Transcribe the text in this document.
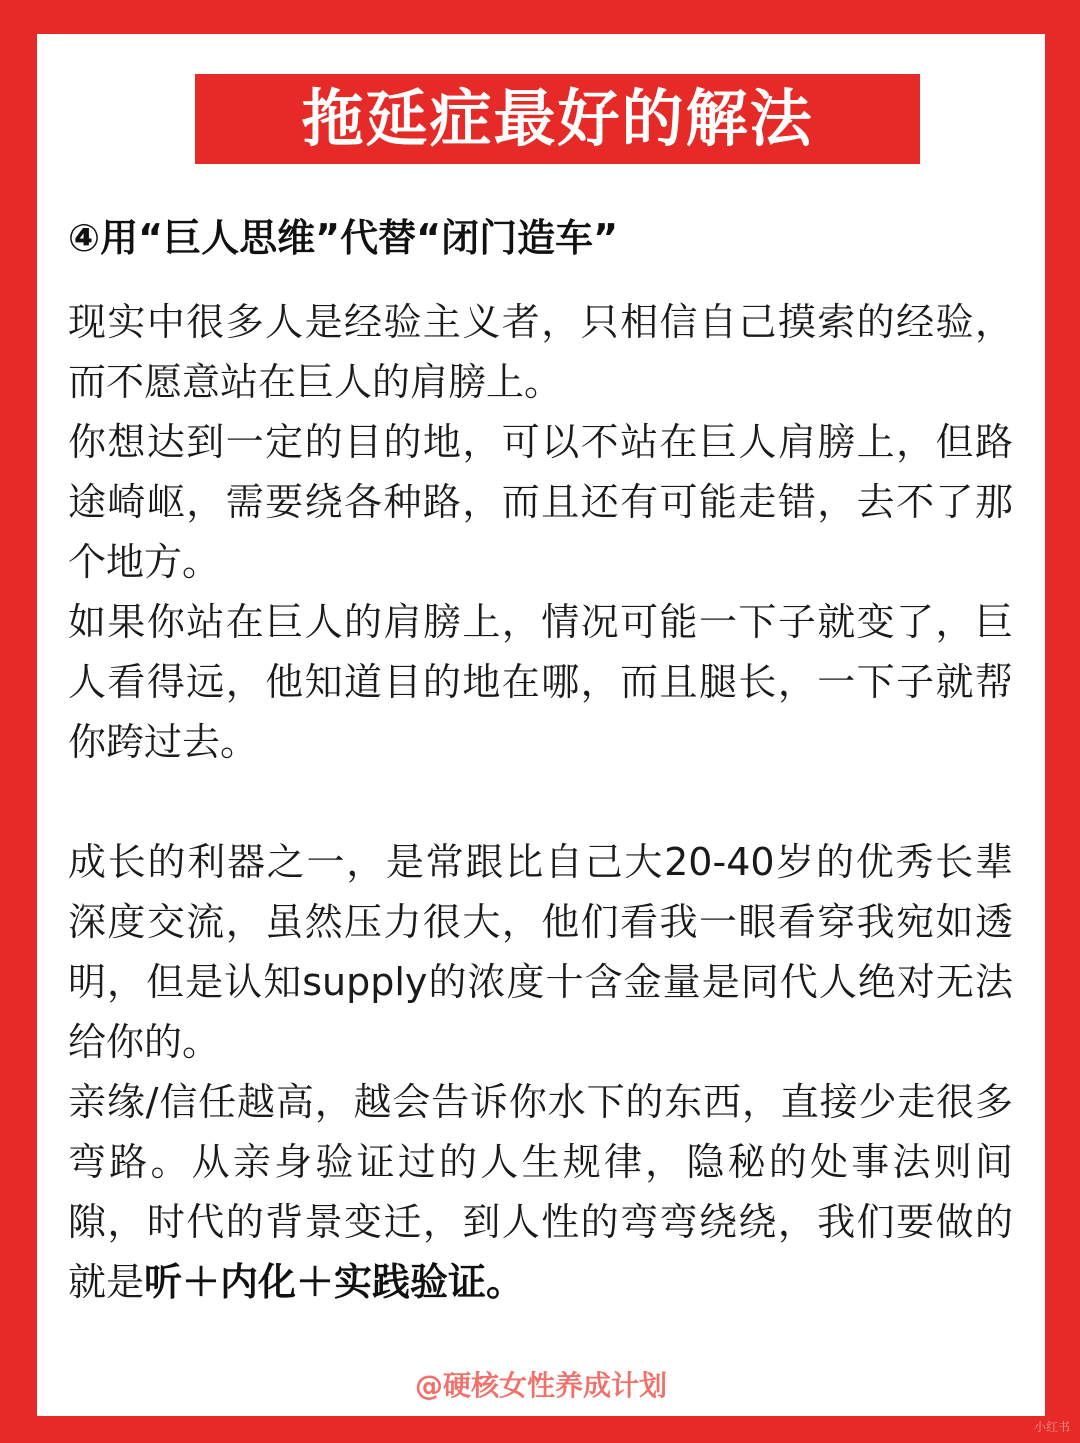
拖延症最好的解法
④用“巨人思维”代替“闭门造车”

现实中很多人是经验主义者，只相信自己摸索的经验，而不愿意站在巨人的肩膀上。

你想达到一定的目的地，可以不站在巨人肩膀上，但路途崎岖，需要绕各种路，而且还有可能走错，去不了那个地方。

如果你站在巨人的肩膀上，情况可能一下子就变了，巨人看得远，他知道目的地在哪，而且腿长，一下子就帮你跨过去。

成长的利器之一，是常跟比自己大20-40岁的优秀长辈深度交流，虽然压力很大，他们看我一眼看穿我宛如透明，但是认知supply的浓度十含金量是同代人绝对无法给你的。

亲缘/信任越高，越会告诉你水下的东西，直接少走很多弯路。从亲身验证过的人生规律，隐秘的处事法则间隙，时代的背景变迁，到人性的弯弯绕绕，我们要做的就是听＋内化＋实践验证。

@硬核女性养成计划
小红书
